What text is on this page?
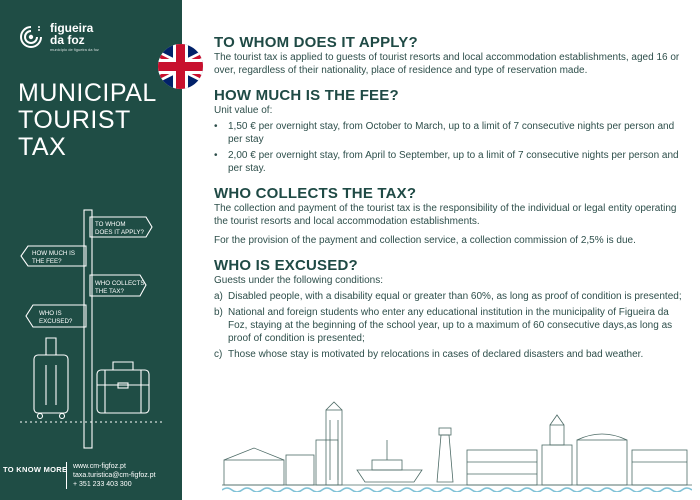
figueira
da foz
município de figueira da foz
MUNICIPAL
TOURIST
TAX
TO WHOM
DOES IT APPLY?
HOW MUCH IS
THE FEE?
WHO COLLECTS
THE TAX?
WHO IS
EXCUSED?
TO KNOW MORE www.cm-figfoz.pt
taxa.turistica@cm-figfoz.pt
+ 351 233 403 300
TO WHOM DOES IT APPLY?
The tourist tax is applied to guests of tourist resorts and local accommodation establishments, aged 16 or over, regardless of their nationality, place of residence and type of reservation made.
HOW MUCH IS THE FEE?
Unit value of:
•	1,50 € per overnight stay, from October to March, up to a limit of 7 consecutive nights per person and per stay
•	2,00 € per overnight stay, from April to September, up to a limit of 7 consecutive nights per person and per stay.
WHO COLLECTS THE TAX?
The collection and payment of the tourist tax is the responsibility of the individual or legal entity operating the tourist resorts and local accommodation establishments.
For the provision of the payment and collection service, a collection commission of 2,5% is due.
WHO IS EXCUSED?
Guests under the following conditions:
a) Disabled people, with a disability equal or greater than 60%, as long as proof of condition is presented;
b) National and foreign students who enter any educational institution in the municipality of Figueira da Foz, staying at the beginning of the school year, up to a maximum of 60 consecutive days,as long as proof of condition is presented;
c) Those whose stay is motivated by relocations in cases of declared disasters and bad weather.
